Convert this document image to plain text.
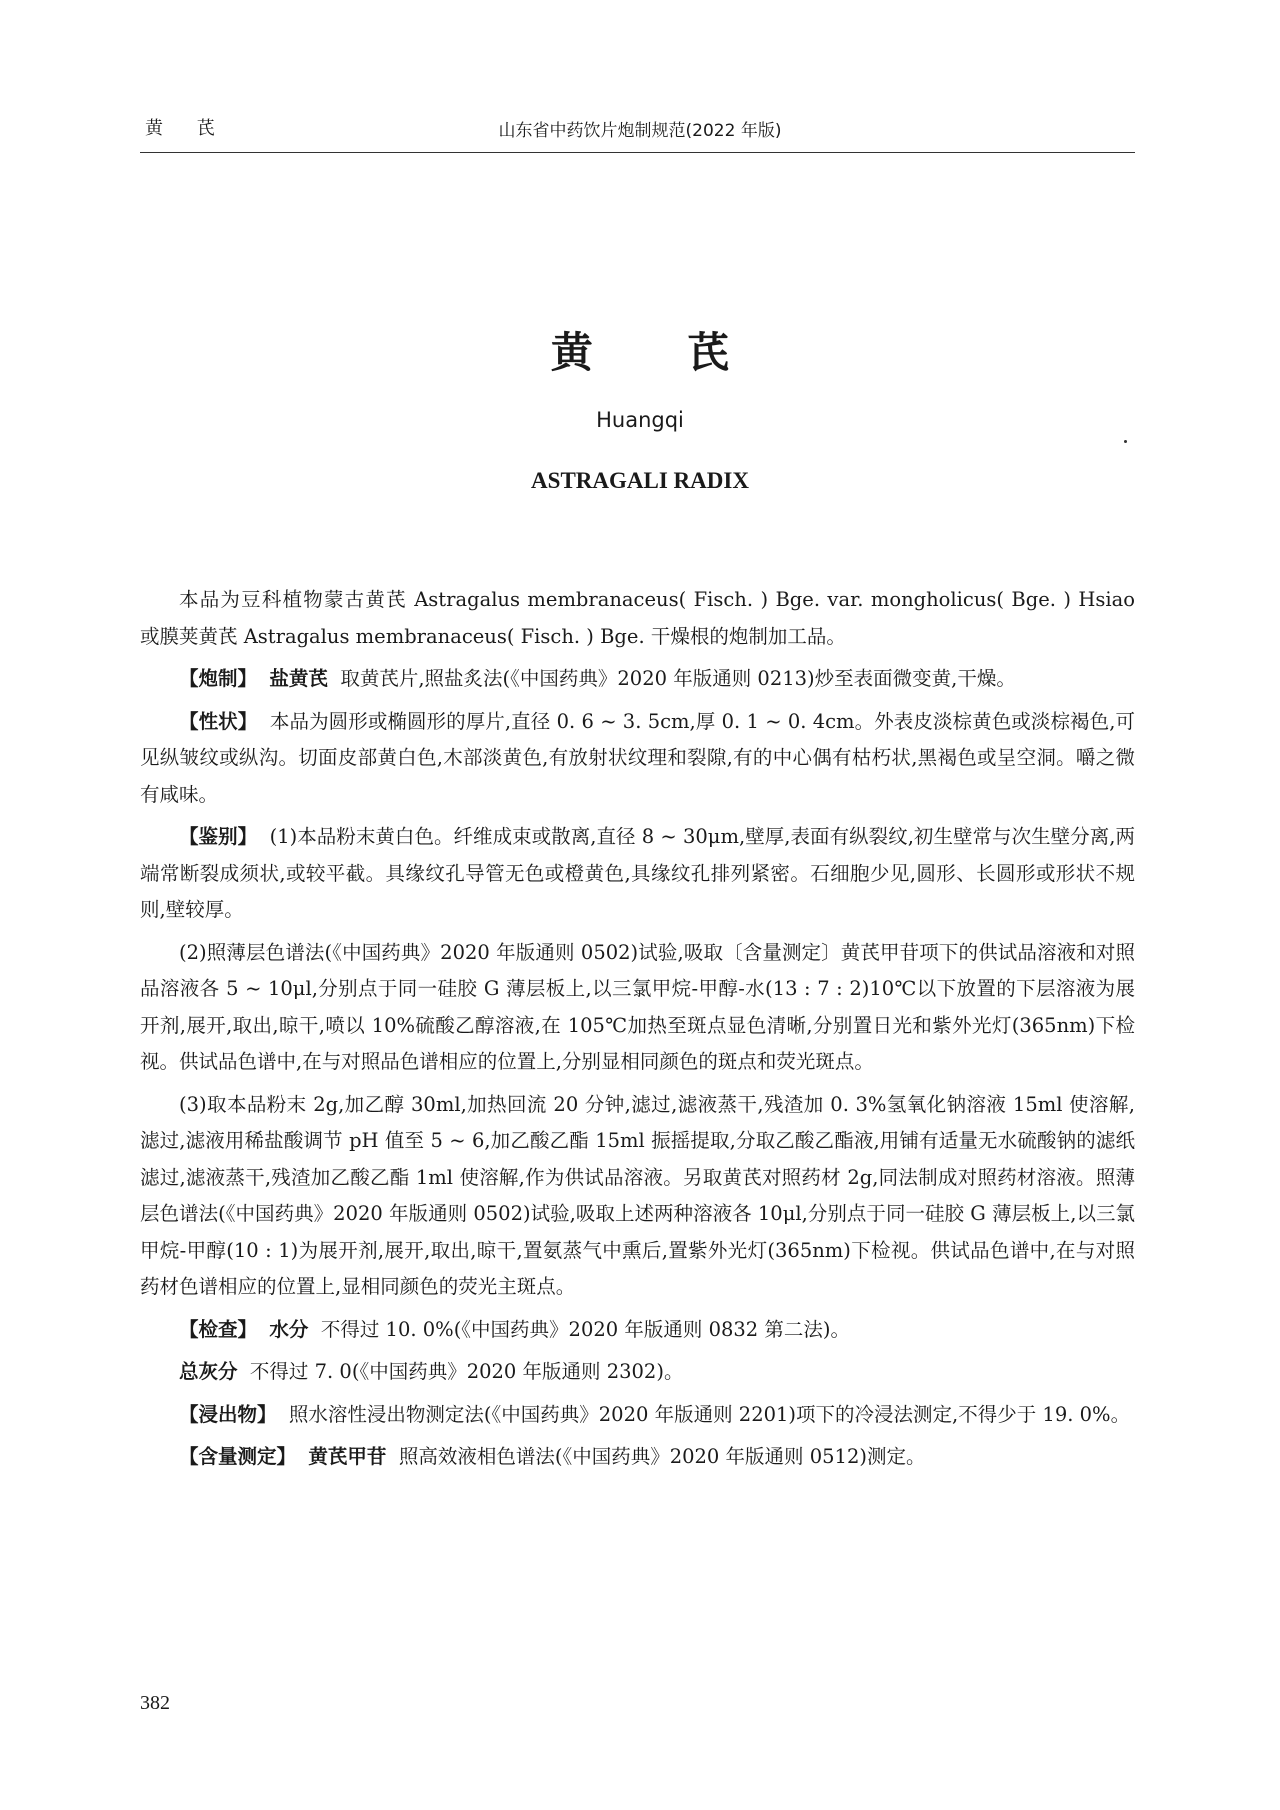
黄 芪	山东省中药饮片炮制规范(2022 年版)
黄 芪
Huangqi
ASTRAGALI RADIX

本品为豆科植物蒙古黄芪 Astragalus membranaceus( Fisch. ) Bge. var. mongholicus( Bge. ) Hsiao 或膜荚黄芪 Astragalus membranaceus( Fisch. ) Bge. 干燥根的炮制加工品。

【炮制】 盐黄芪 取黄芪片,照盐炙法(《中国药典》2020 年版通则 0213)炒至表面微变黄,干燥。

【性状】 本品为圆形或椭圆形的厚片,直径 0. 6 ~ 3. 5cm,厚 0. 1 ~ 0. 4cm。外表皮淡棕黄色或淡棕褐色,可见纵皱纹或纵沟。切面皮部黄白色,木部淡黄色,有放射状纹理和裂隙,有的中心偶有枯朽状,黑褐色或呈空洞。嚼之微有咸味。

【鉴别】 (1)本品粉末黄白色。纤维成束或散离,直径 8 ~ 30μm,壁厚,表面有纵裂纹,初生壁常与次生壁分离,两端常断裂成须状,或较平截。具缘纹孔导管无色或橙黄色,具缘纹孔排列紧密。石细胞少见,圆形、长圆形或形状不规则,壁较厚。

(2)照薄层色谱法(《中国药典》2020 年版通则 0502)试验,吸取〔含量测定〕黄芪甲苷项下的供试品溶液和对照品溶液各 5 ~ 10μl,分别点于同一硅胶 G 薄层板上,以三氯甲烷-甲醇-水(13 : 7 : 2)10℃以下放置的下层溶液为展开剂,展开,取出,晾干,喷以 10%硫酸乙醇溶液,在 105℃加热至斑点显色清晰,分别置日光和紫外光灯(365nm)下检视。供试品色谱中,在与对照品色谱相应的位置上,分别显相同颜色的斑点和荧光斑点。

(3)取本品粉末 2g,加乙醇 30ml,加热回流 20 分钟,滤过,滤液蒸干,残渣加 0. 3%氢氧化钠溶液 15ml 使溶解,滤过,滤液用稀盐酸调节 pH 值至 5 ~ 6,加乙酸乙酯 15ml 振摇提取,分取乙酸乙酯液,用铺有适量无水硫酸钠的滤纸滤过,滤液蒸干,残渣加乙酸乙酯 1ml 使溶解,作为供试品溶液。另取黄芪对照药材 2g,同法制成对照药材溶液。照薄层色谱法(《中国药典》2020 年版通则 0502)试验,吸取上述两种溶液各 10μl,分别点于同一硅胶 G 薄层板上,以三氯甲烷-甲醇(10 : 1)为展开剂,展开,取出,晾干,置氨蒸气中熏后,置紫外光灯(365nm)下检视。供试品色谱中,在与对照药材色谱相应的位置上,显相同颜色的荧光主斑点。

【检查】 水分 不得过 10. 0%(《中国药典》2020 年版通则 0832 第二法)。

总灰分 不得过 7. 0(《中国药典》2020 年版通则 2302)。

【浸出物】 照水溶性浸出物测定法(《中国药典》2020 年版通则 2201)项下的冷浸法测定,不得少于 19. 0%。

【含量测定】 黄芪甲苷 照高效液相色谱法(《中国药典》2020 年版通则 0512)测定。

382
